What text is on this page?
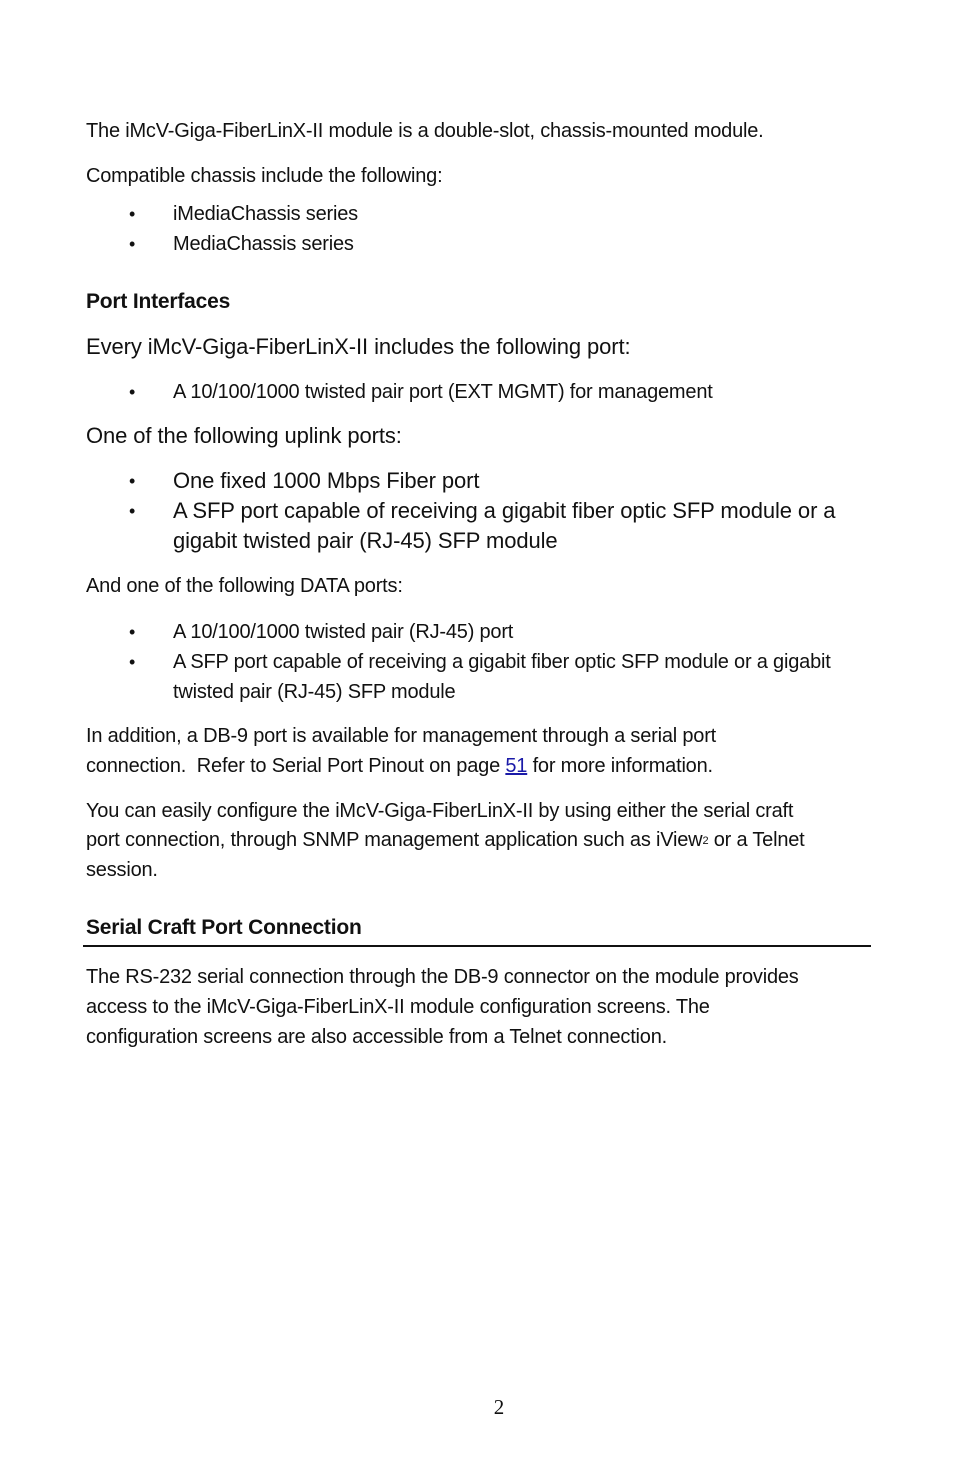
The iMcV-Giga-FiberLinX-II module is a double-slot, chassis-mounted module.

Compatible chassis include the following:

• iMediaChassis series
• MediaChassis series
Port Interfaces

Every iMcV-Giga-FiberLinX-II includes the following port:

• A 10/100/1000 twisted pair port (EXT MGMT) for management

One of the following uplink ports:

• One fixed 1000 Mbps Fiber port
• A SFP port capable of receiving a gigabit fiber optic SFP module or a
gigabit twisted pair (RJ-45) SFP module

And one of the following DATA ports:

• A 10/100/1000 twisted pair (RJ-45) port
• A SFP port capable of receiving a gigabit fiber optic SFP module or a gigabit
twisted pair (RJ-45) SFP module

In addition, a DB-9 port is available for management through a serial port

connection.  Refer to Serial Port Pinout on page 51 for more information.

You can easily configure the iMcV-Giga-FiberLinX-II by using either the serial craft

port connection, through SNMP management application such as iView$^2$ or a Telnet

session.

Serial Craft Port Connection

The RS-232 serial connection through the DB-9 connector on the module provides

access to the iMcV-Giga-FiberLinX-II module configuration screens. The

configuration screens are also accessible from a Telnet connection.

2
